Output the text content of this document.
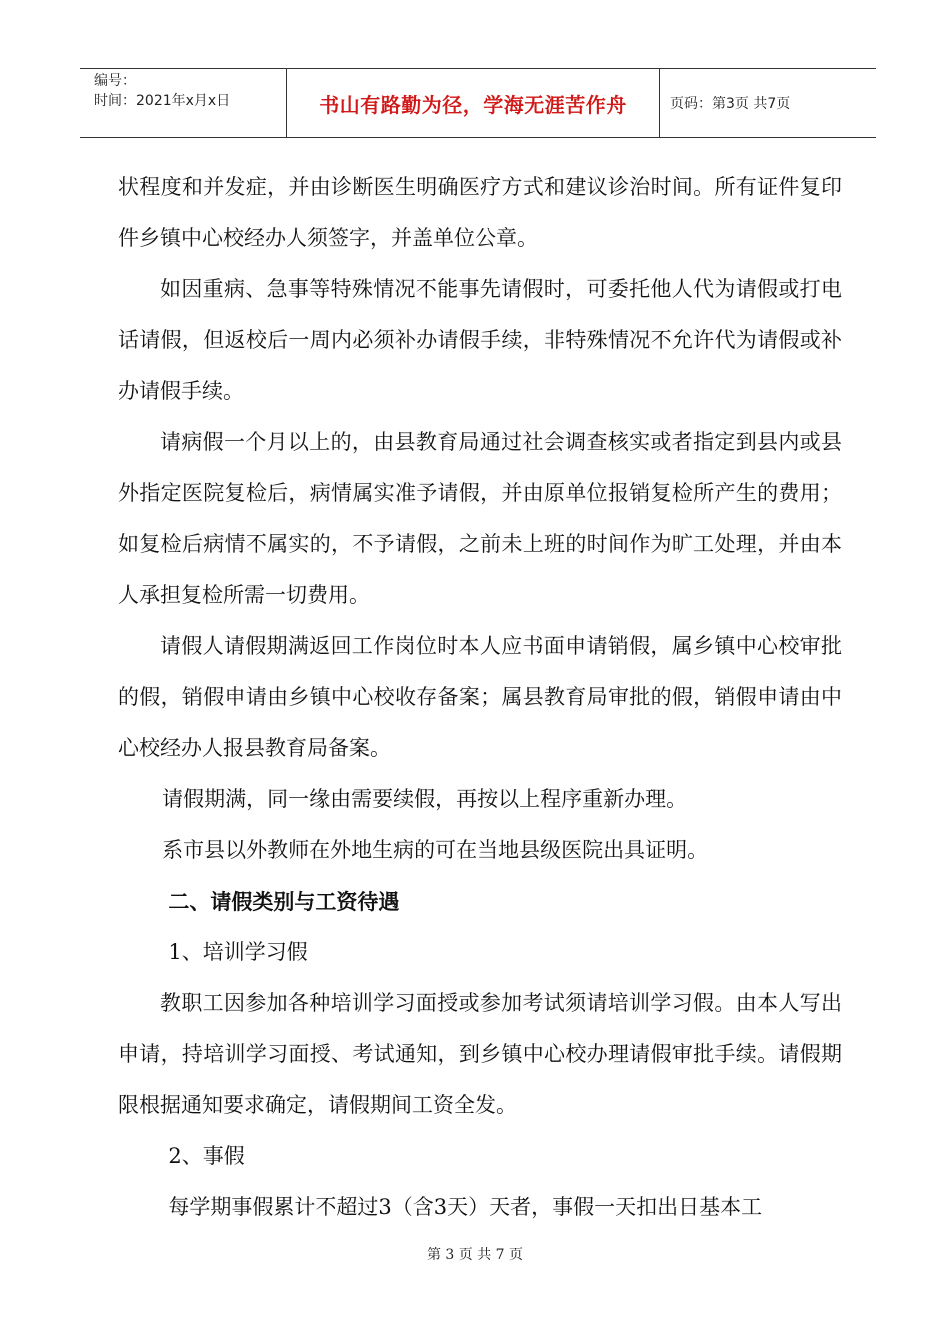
编号：
时间：2021年x月x日	书山有路勤为径，学海无涯苦作舟	页码：第3页 共7页

状程度和并发症，并由诊断医生明确医疗方式和建议诊治时间。所有证件复印件乡镇中心校经办人须签字，并盖单位公章。

如因重病、急事等特殊情况不能事先请假时，可委托他人代为请假或打电话请假，但返校后一周内必须补办请假手续，非特殊情况不允许代为请假或补办请假手续。

请病假一个月以上的，由县教育局通过社会调查核实或者指定到县内或县外指定医院复检后，病情属实准予请假，并由原单位报销复检所产生的费用；如复检后病情不属实的，不予请假，之前未上班的时间作为旷工处理，并由本人承担复检所需一切费用。

请假人请假期满返回工作岗位时本人应书面申请销假，属乡镇中心校审批的假，销假申请由乡镇中心校收存备案；属县教育局审批的假，销假申请由中心校经办人报县教育局备案。

请假期满，同一缘由需要续假，再按以上程序重新办理。

系市县以外教师在外地生病的可在当地县级医院出具证明。

二、请假类别与工资待遇

1、培训学习假

教职工因参加各种培训学习面授或参加考试须请培训学习假。由本人写出申请，持培训学习面授、考试通知，到乡镇中心校办理请假审批手续。请假期限根据通知要求确定，请假期间工资全发。

2、事假

每学期事假累计不超过3（含3天）天者，事假一天扣出日基本工

第 3 页 共 7 页
